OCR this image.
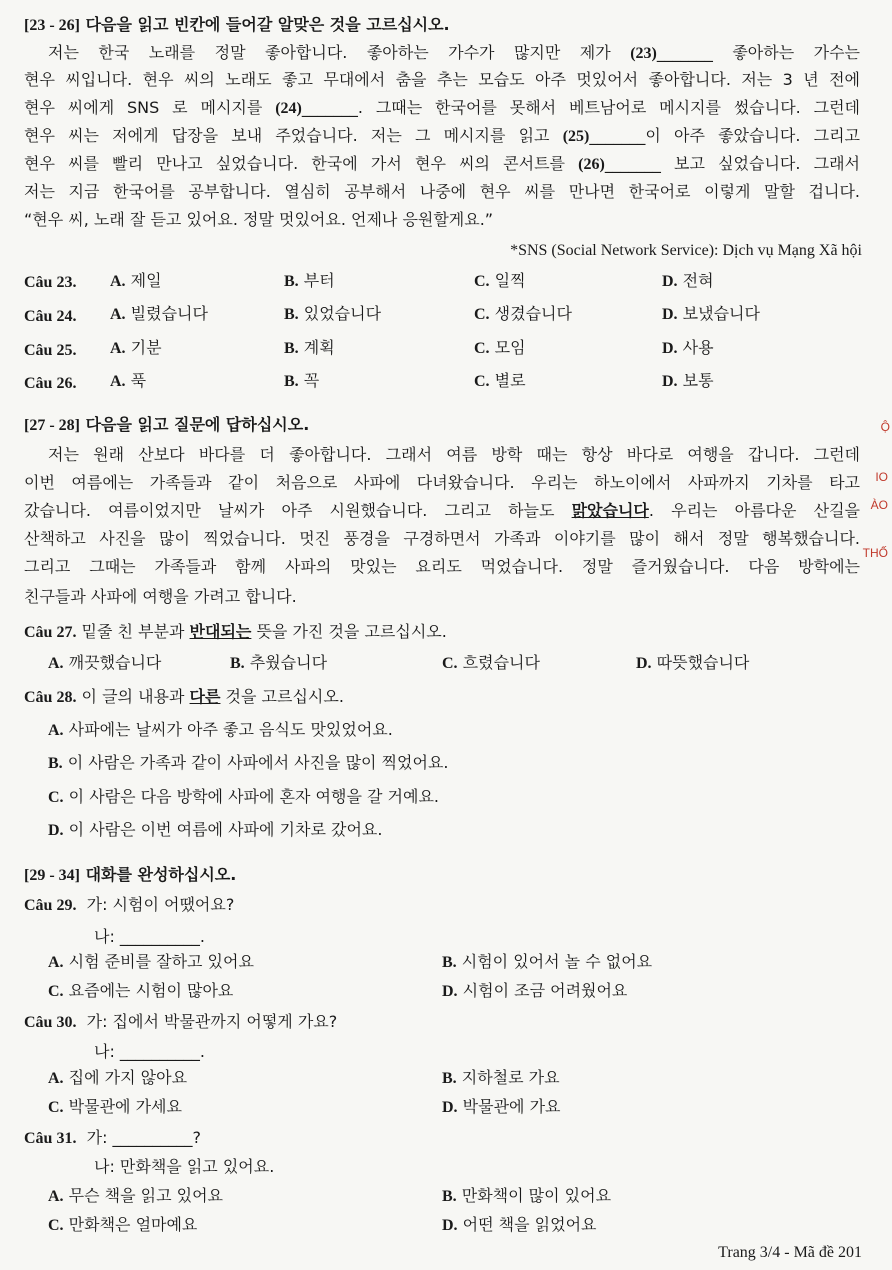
[23 - 26] 다음을 읽고 빈칸에 들어갈 알맞은 것을 고르십시오.
저는 한국 노래를 정말 좋아합니다. 좋아하는 가수가 많지만 제가 (23)_______ 좋아하는 가수는
현우 씨입니다. 현우 씨의 노래도 좋고 무대에서 춤을 추는 모습도 아주 멋있어서 좋아합니다. 저는 3 년 전에
현우 씨에게 SNS 로 메시지를 (24)_______. 그때는 한국어를 못해서 베트남어로 메시지를 썼습니다. 그런데
현우 씨는 저에게 답장을 보내 주었습니다. 저는 그 메시지를 읽고 (25)_______이 아주 좋았습니다. 그리고
현우 씨를 빨리 만나고 싶었습니다. 한국에 가서 현우 씨의 콘서트를 (26)_______ 보고 싶었습니다. 그래서
저는 지금 한국어를 공부합니다. 열심히 공부해서 나중에 현우 씨를 만나면 한국어로 이렇게 말할 겁니다.
“현우 씨, 노래 잘 듣고 있어요. 정말 멋있어요. 언제나 응원할게요.”
*SNS (Social Network Service): Dịch vụ Mạng Xã hội
Câu 23. A. 제일	B. 부터	C. 일찍	D. 전혀
Câu 24. A. 빌렸습니다	B. 있었습니다	C. 생겼습니다	D. 보냈습니다
Câu 25. A. 기분	B. 계획	C. 모임	D. 사용
Câu 26. A. 푹	B. 꼭	C. 별로	D. 보통
[27 - 28] 다음을 읽고 질문에 답하십시오.
저는 원래 산보다 바다를 더 좋아합니다. 그래서 여름 방학 때는 항상 바다로 여행을 갑니다. 그런데
이번 여름에는 가족들과 같이 처음으로 사파에 다녀왔습니다. 우리는 하노이에서 사파까지 기차를 타고
갔습니다. 여름이었지만 날씨가 아주 시원했습니다. 그리고 하늘도 맑았습니다. 우리는 아름다운 산길을
산책하고 사진을 많이 찍었습니다. 멋진 풍경을 구경하면서 가족과 이야기를 많이 해서 정말 행복했습니다.
그리고 그때는 가족들과 함께 사파의 맛있는 요리도 먹었습니다. 정말 즐거웠습니다. 다음 방학에는
친구들과 사파에 여행을 가려고 합니다.
Câu 27. 밑줄 친 부분과 반대되는 뜻을 가진 것을 고르십시오.
A. 깨끗했습니다	B. 추웠습니다	C. 흐렸습니다	D. 따뜻했습니다
Câu 28. 이 글의 내용과 다른 것을 고르십시오.
A. 사파에는 날씨가 아주 좋고 음식도 맛있었어요.
B. 이 사람은 가족과 같이 사파에서 사진을 많이 찍었어요.
C. 이 사람은 다음 방학에 사파에 혼자 여행을 갈 거예요.
D. 이 사람은 이번 여름에 사파에 기차로 갔어요.
[29 - 34] 대화를 완성하십시오.
Câu 29. 가: 시험이 어땠어요?
나: __________.
A. 시험 준비를 잘하고 있어요	B. 시험이 있어서 놀 수 없어요
C. 요즘에는 시험이 많아요	D. 시험이 조금 어려웠어요
Câu 30. 가: 집에서 박물관까지 어떻게 가요?
나: __________.
A. 집에 가지 않아요	B. 지하철로 가요
C. 박물관에 가세요	D. 박물관에 가요
Câu 31. 가: __________?
나: 만화책을 읽고 있어요.
A. 무슨 책을 읽고 있어요	B. 만화책이 많이 있어요
C. 만화책은 얼마예요	D. 어떤 책을 읽었어요
Trang 3/4 - Mã đề 201
Ộ
IO
ÀO
THỐ
